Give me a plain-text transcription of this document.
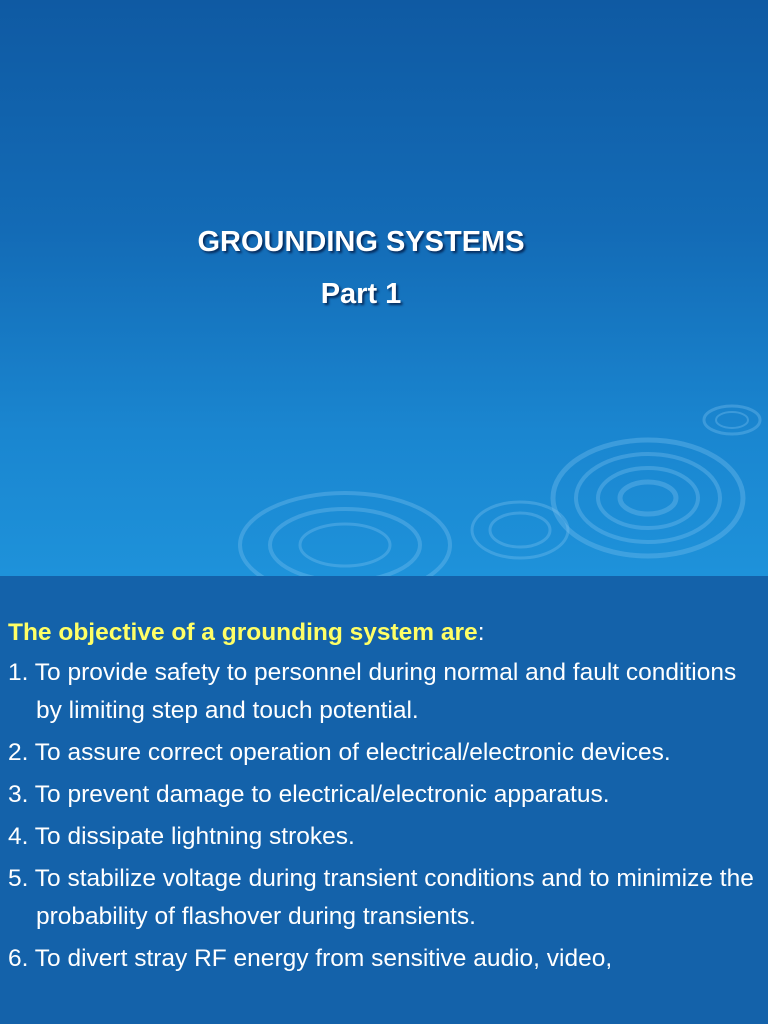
GROUNDING SYSTEMS
Part 1

The objective of a grounding system are:

1. To provide safety to personnel during normal and fault conditions by limiting step and touch potential.
2. To assure correct operation of electrical/electronic devices.
3. To prevent damage to electrical/electronic apparatus.
4. To dissipate lightning strokes.
5. To stabilize voltage during transient conditions and to minimize the probability of flashover during transients.
6. To divert stray RF energy from sensitive audio, video,
